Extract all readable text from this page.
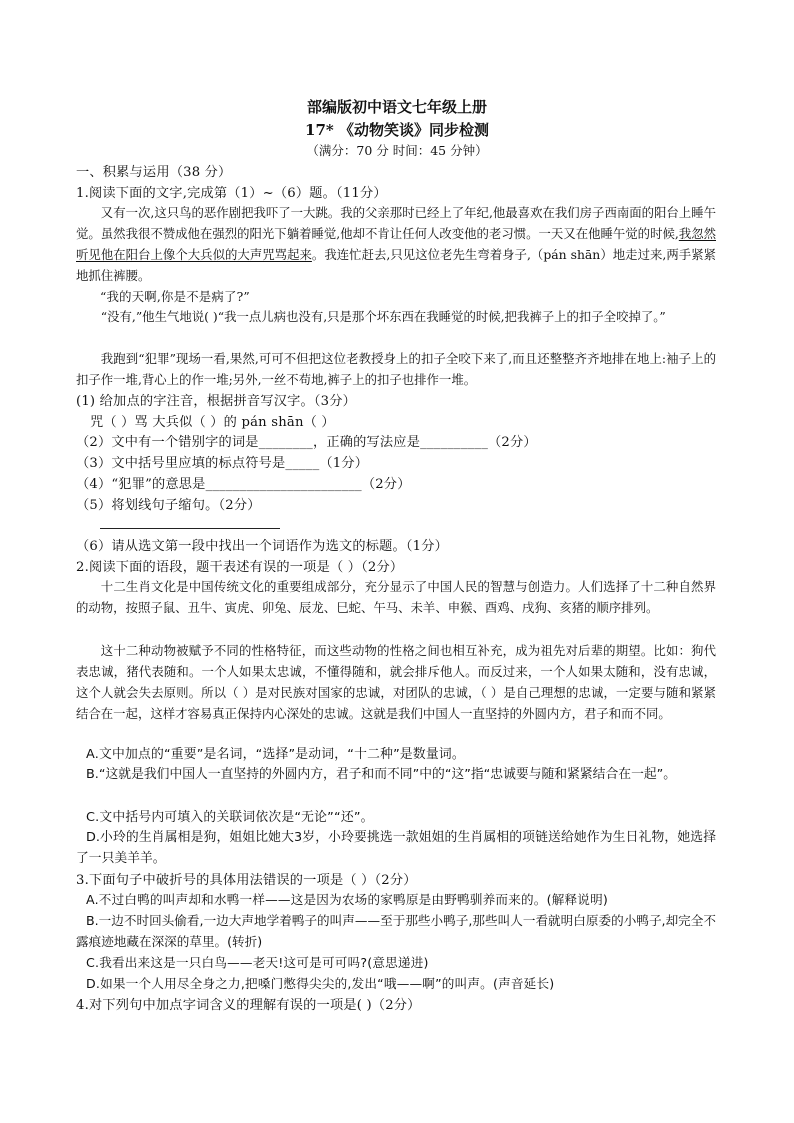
部编版初中语文七年级上册
17* 《动物笑谈》同步检测
（满分：70 分 时间：45 分钟）
一、积累与运用（38 分）
1.阅读下面的文字,完成第（1）~（6）题。（11分）
又有一次,这只鸟的恶作剧把我吓了一大跳。我的父亲那时已经上了年纪,他最喜欢在我们房子西南面的阳台上睡午觉。虽然我很不赞成他在强烈的阳光下躺着睡觉,他却不肯让任何人改变他的老习惯。一天又在他睡午觉的时候,我忽然听见他在阳台上像个大兵似的大声咒骂起来。我连忙赶去,只见这位老先生弯着身子,（pán shān）地走过来,两手紧紧地抓住裤腰。
“我的天啊,你是不是病了?”
“没有,”他生气地说( )“我一点儿病也没有,只是那个坏东西在我睡觉的时候,把我裤子上的扣子全咬掉了。”
我跑到“犯罪”现场一看,果然,可可不但把这位老教授身上的扣子全咬下来了,而且还整整齐齐地排在地上:袖子上的扣子作一堆,背心上的作一堆;另外,一丝不苟地,裤子上的扣子也排作一堆。
(1) 给加点的字注音，根据拼音写汉字。（3分）
咒（ ）骂 大兵似（ ）的 pán shān（ ）
（2）文中有一个错别字的词是________，正确的写法应是__________（2分）
（3）文中括号里应填的标点符号是_____（1分）
（4）“犯罪”的意思是_______________________（2分）
（5）将划线句子缩句。（2分）
（6）请从选文第一段中找出一个词语作为选文的标题。（1分）
2.阅读下面的语段，题干表述有误的一项是（ ）（2分）
十二生肖文化是中国传统文化的重要组成部分，充分显示了中国人民的智慧与创造力。人们选择了十二种自然界的动物，按照子鼠、丑牛、寅虎、卯兔、辰龙、巳蛇、午马、未羊、申猴、酉鸡、戌狗、亥猪的顺序排列。
这十二种动物被赋予不同的性格特征，而这些动物的性格之间也相互补充，成为祖先对后辈的期望。比如：狗代表忠诚，猪代表随和。一个人如果太忠诚，不懂得随和，就会排斥他人。而反过来，一个人如果太随和，没有忠诚，这个人就会失去原则。所以（ ）是对民族对国家的忠诚，对团队的忠诚，（ ）是自己理想的忠诚，一定要与随和紧紧结合在一起，这样才容易真正保持内心深处的忠诚。这就是我们中国人一直坚持的外圆内方，君子和而不同。
A.文中加点的“重要”是名词，“选择”是动词，“十二种”是数量词。
B.“这就是我们中国人一直坚持的外圆内方，君子和而不同”中的“这”指“忠诚要与随和紧紧结合在一起”。
C.文中括号内可填入的关联词依次是“无论”“还”。
D.小玲的生肖属相是狗，姐姐比她大3岁，小玲要挑选一款姐姐的生肖属相的项链送给她作为生日礼物，她选择了一只美羊羊。
3.下面句子中破折号的具体用法错误的一项是（ ）（2分）
A.不过白鸭的叫声却和水鸭一样——这是因为农场的家鸭原是由野鸭驯养而来的。(解释说明)
B.一边不时回头偷看,一边大声地学着鸭子的叫声——至于那些小鸭子,那些叫人一看就明白原委的小鸭子,却完全不露痕迹地藏在深深的草里。(转折)
C.我看出来这是一只白鸟——老天!这可是可可吗?(意思递进)
D.如果一个人用尽全身之力,把嗓门憋得尖尖的,发出“哦——啊”的叫声。(声音延长)
4.对下列句中加点字词含义的理解有误的一项是( )（2分）
